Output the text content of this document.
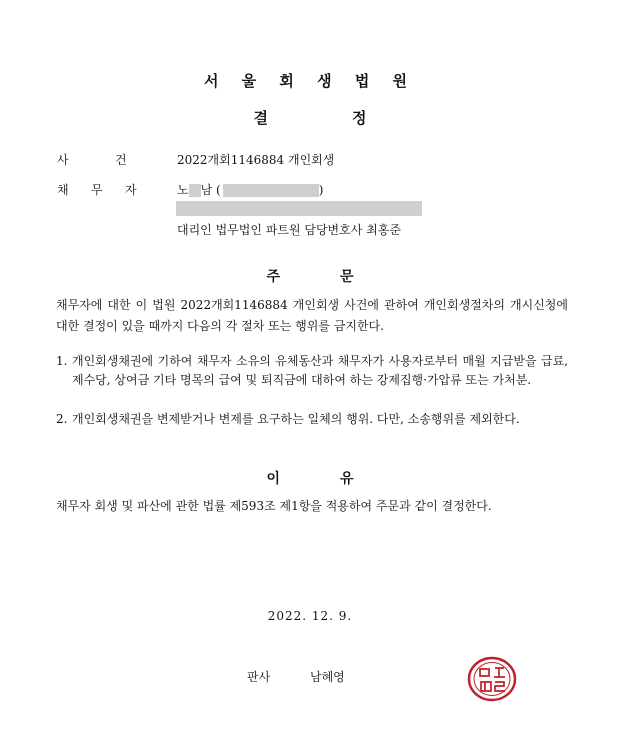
서 울 회 생 법 원
결	정
사	건	2022개회1146884 개인회생
채 무 자	노 남 (	)
대리인 법무법인 파트원 담당변호사 최홍준
주	문
채무자에 대한 이 법원 2022개회1146884 개인회생 사건에 관하여 개인회생절차의 개시신청에 대한 결정이 있을 때까지 다음의 각 절차 또는 행위를 금지한다.
1. 개인회생채권에 기하여 채무자 소유의 유체동산과 채무자가 사용자로부터 매월 지급받을 급료, 제수당, 상여금 기타 명목의 급여 및 퇴직금에 대하여 하는 강제집행·가압류 또는 가처분.
2. 개인회생채권을 변제받거나 변제를 요구하는 일체의 행위. 다만, 소송행위를 제외한다.
이	유
채무자 회생 및 파산에 관한 법률 제593조 제1항을 적용하여 주문과 같이 결정한다.
2022. 12. 9.
판사	남혜영
